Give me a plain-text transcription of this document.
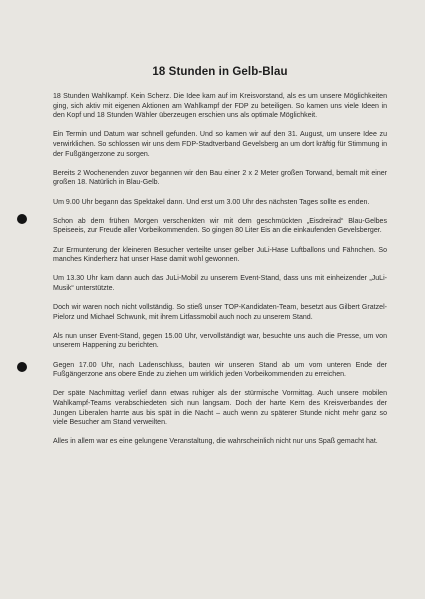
18 Stunden in Gelb-Blau

18 Stunden Wahlkampf. Kein Scherz. Die Idee kam auf im Kreisvorstand, als es um unsere Möglichkeiten ging, sich aktiv mit eigenen Aktionen am Wahlkampf der FDP zu beteiligen. So kamen uns viele Ideen in den Kopf und 18 Stunden Wähler überzeugen erschien uns als optimale Möglichkeit.

Ein Termin und Datum war schnell gefunden. Und so kamen wir auf den 31. August, um unsere Idee zu verwirklichen. So schlossen wir uns dem FDP-Stadtverband Gevelsberg an um dort kräftig für Stimmung in der Fußgängerzone zu sorgen.

Bereits 2 Wochenenden zuvor begannen wir den Bau einer 2 x 2 Meter großen Torwand, bemalt mit einer großen 18. Natürlich in Blau-Gelb.

Um 9.00 Uhr begann das Spektakel dann. Und erst um 3.00 Uhr des nächsten Tages sollte es enden.

Schon ab dem frühen Morgen verschenkten wir mit dem geschmückten „Eisdreirad“ Blau-Gelbes Speiseeis, zur Freude aller Vorbeikommenden. So gingen 80 Liter Eis an die einkaufenden Gevelsberger.

Zur Ermunterung der kleineren Besucher verteilte unser gelber JuLi-Hase Luftballons und Fähnchen. So manches Kinderherz hat unser Hase damit wohl gewonnen.

Um 13.30 Uhr kam dann auch das JuLi-Mobil zu unserem Event-Stand, dass uns mit einheizender „JuLi-Musik“ unterstützte.

Doch wir waren noch nicht vollständig. So stieß unser TOP-Kandidaten-Team, besetzt aus Gilbert Gratzel-Pielorz und Michael Schwunk, mit ihrem Litfassmobil auch noch zu unserem Stand.

Als nun unser Event-Stand, gegen 15.00 Uhr, vervollständigt war, besuchte uns auch die Presse, um von unserem Happening zu berichten.

Gegen 17.00 Uhr, nach Ladenschluss, bauten wir unseren Stand ab um vom unteren Ende der Fußgängerzone ans obere Ende zu ziehen um wirklich jeden Vorbeikommenden zu erreichen.

Der späte Nachmittag verlief dann etwas ruhiger als der stürmische Vormittag. Auch unsere mobilen Wahlkampf-Teams verabschiedeten sich nun langsam. Doch der harte Kern des Kreisverbandes der Jungen Liberalen harrte aus bis spät in die Nacht – auch wenn zu späterer Stunde nicht mehr ganz so viele Besucher am Stand verweilten.

Alles in allem war es eine gelungene Veranstaltung, die wahrscheinlich nicht nur uns Spaß gemacht hat.
